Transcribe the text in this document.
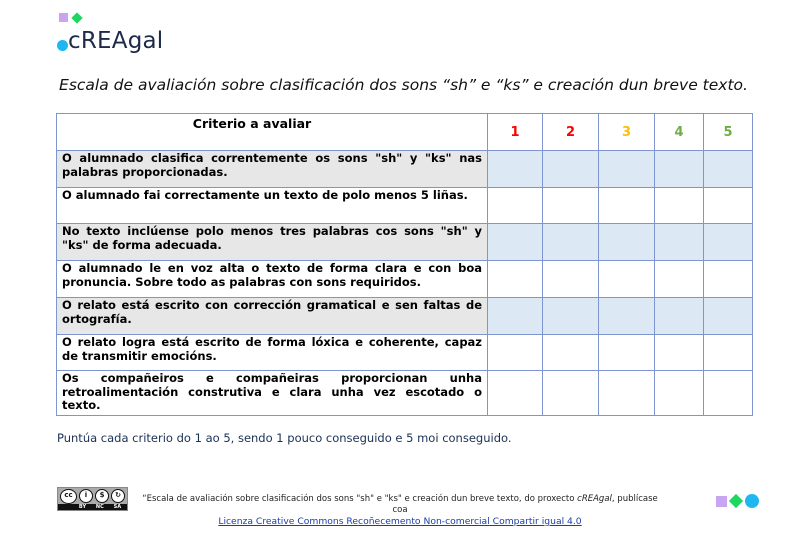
cREAgal
Escala de avaliación sobre clasificación dos sons “sh” e “ks” e creación dun breve texto.
Criterio a avaliar	1	2	3	4	5
O alumnado clasifica correntemente os sons "sh" y "ks" nas palabras proporcionadas.					
O alumnado fai correctamente un texto de polo menos 5 liñas.					
No texto inclúense polo menos tres palabras cos sons "sh" y "ks" de forma adecuada.					
O alumnado le en voz alta o texto de forma clara e con boa pronuncia. Sobre todo as palabras con sons requiridos.					
O relato está escrito con corrección gramatical e sen faltas de ortografía.					
O relato logra está escrito de forma lóxica e coherente, capaz de transmitir emocións.					
Os compañeiros e compañeiras proporcionan unha retroalimentación construtiva e clara unha vez escotado o texto.					
Puntúa cada criterio do 1 ao 5, sendo 1 pouco conseguido e 5 moi conseguido.
cc	i	$	↻
BY NC SA
“Escala de avaliación sobre clasificación dos sons "sh" e "ks" e creación dun breve texto, do proxecto cREAgal, publícase coa
Licenza Creative Commons Recoñecemento Non-comercial Compartir igual 4.0
